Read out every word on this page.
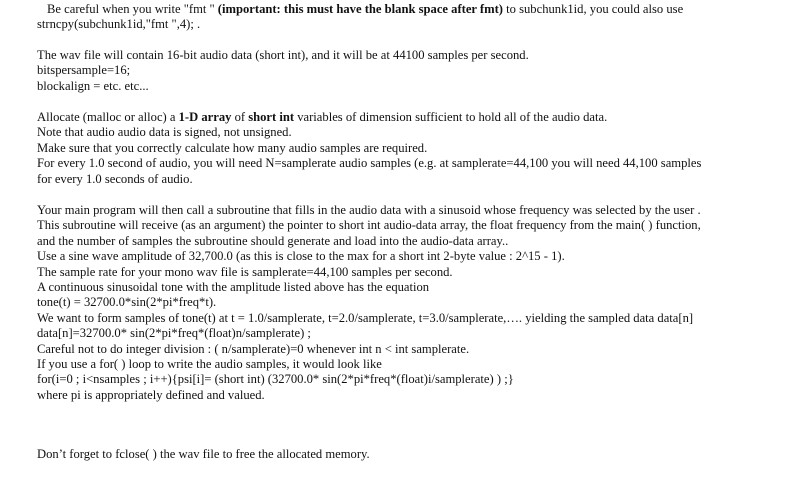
Be careful when you write "fmt " (important: this must have the blank space after fmt) to subchunk1id, you could also use
strncpy(subchunk1id,"fmt ",4); .
The wav file will contain 16-bit audio data (short int), and it will be at 44100 samples per second.
bitspersample=16;
blockalign = etc. etc...
Allocate (malloc or alloc) a 1-D array of short int variables of dimension sufficient to hold all of the audio data.
Note that audio audio data is signed, not unsigned.
Make sure that you correctly calculate how many audio samples are required.
For every 1.0 second of audio, you will need N=samplerate audio samples (e.g. at samplerate=44,100 you will need 44,100 samples
for every 1.0 seconds of audio.
Your main program will then call a subroutine that fills in the audio data with a sinusoid whose frequency was selected by the user .
This subroutine will receive (as an argument) the pointer to short int audio-data array, the float frequency from the main( ) function,
and the number of samples the subroutine should generate and load into the audio-data array..
Use a sine wave amplitude of 32,700.0 (as this is close to the max for a short int 2-byte value : 2^15 - 1).
The sample rate for your mono wav file is samplerate=44,100 samples per second.
A continuous sinusoidal tone with the amplitude listed above has the equation
tone(t) = 32700.0*sin(2*pi*freq*t).
We want to form samples of tone(t) at t = 1.0/samplerate, t=2.0/samplerate, t=3.0/samplerate,…. yielding the sampled data data[n]
data[n]=32700.0* sin(2*pi*freq*(float)n/samplerate) ;
Careful not to do integer division : ( n/samplerate)=0 whenever int n < int samplerate.
If you use a for( ) loop to write the audio samples, it would look like
for(i=0 ; i<nsamples ; i++){psi[i]= (short int) (32700.0* sin(2*pi*freq*(float)i/samplerate) ) ;}
where pi is appropriately defined and valued.
Don’t forget to fclose( ) the wav file to free the allocated memory.
